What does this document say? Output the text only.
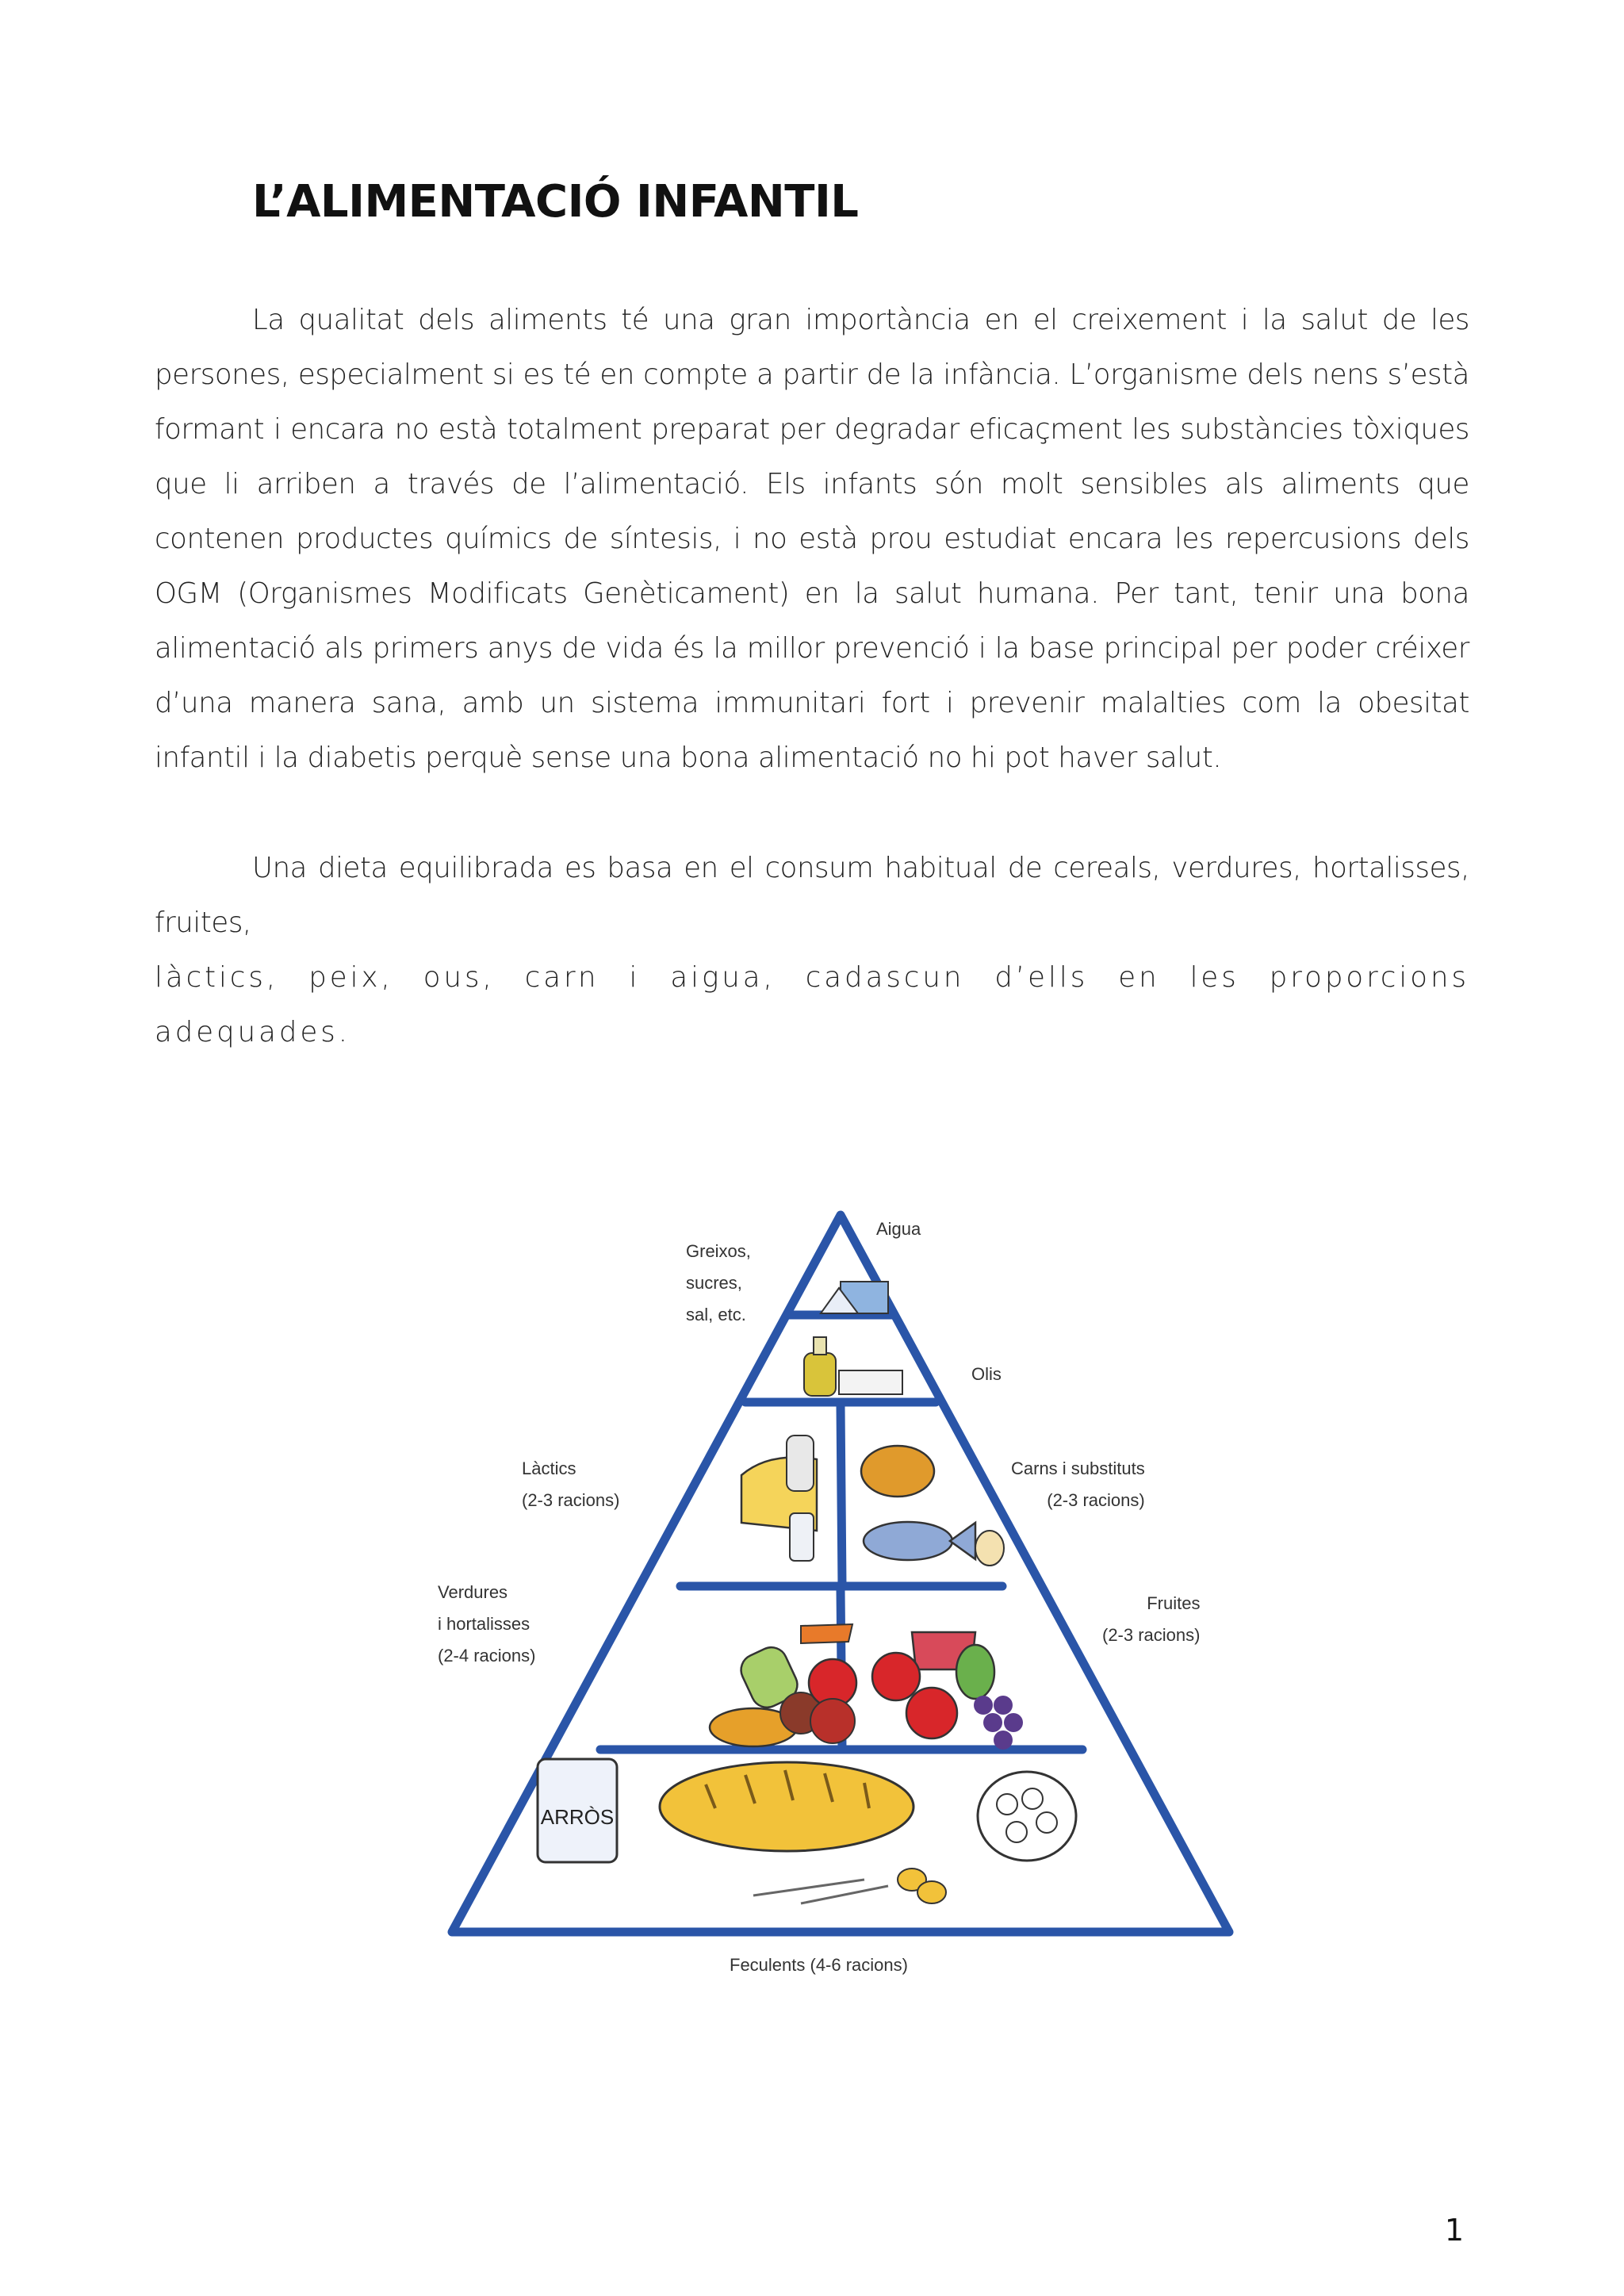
L’ALIMENTACIÓ INFANTIL

La qualitat dels aliments té una gran importància en el creixement i la salut de les persones, especialment si es té en compte a partir de la infància. L’organisme dels nens s’està formant i encara no està totalment preparat per degradar eficaçment les substàncies tòxiques que li arriben a través de l’alimentació. Els infants són molt sensibles als aliments que contenen productes químics de síntesis, i no està prou estudiat encara les repercusions dels OGM (Organismes Modificats Genèticament) en la salut humana. Per tant, tenir una bona alimentació als primers anys de vida és la millor prevenció i la base principal per poder créixer d’una manera sana, amb un sistema immunitari fort i prevenir malalties com la obesitat infantil i la diabetis perquè sense una bona alimentació no hi pot haver salut.

Una dieta equilibrada es basa en el consum habitual de cereals, verdures, hortalisses, fruites,
làctics, peix, ous, carn i aigua, cadascun d’ells en les proporcions adequades.

ARRÒS
Aigua
Greixos,
sucres,
sal, etc.
Olis
Làctics
(2-3 racions)
Carns i substituts
(2-3 racions)
Verdures
i hortalisses
(2-4 racions)
Fruites
(2-3 racions)
Feculents (4-6 racions)
1
